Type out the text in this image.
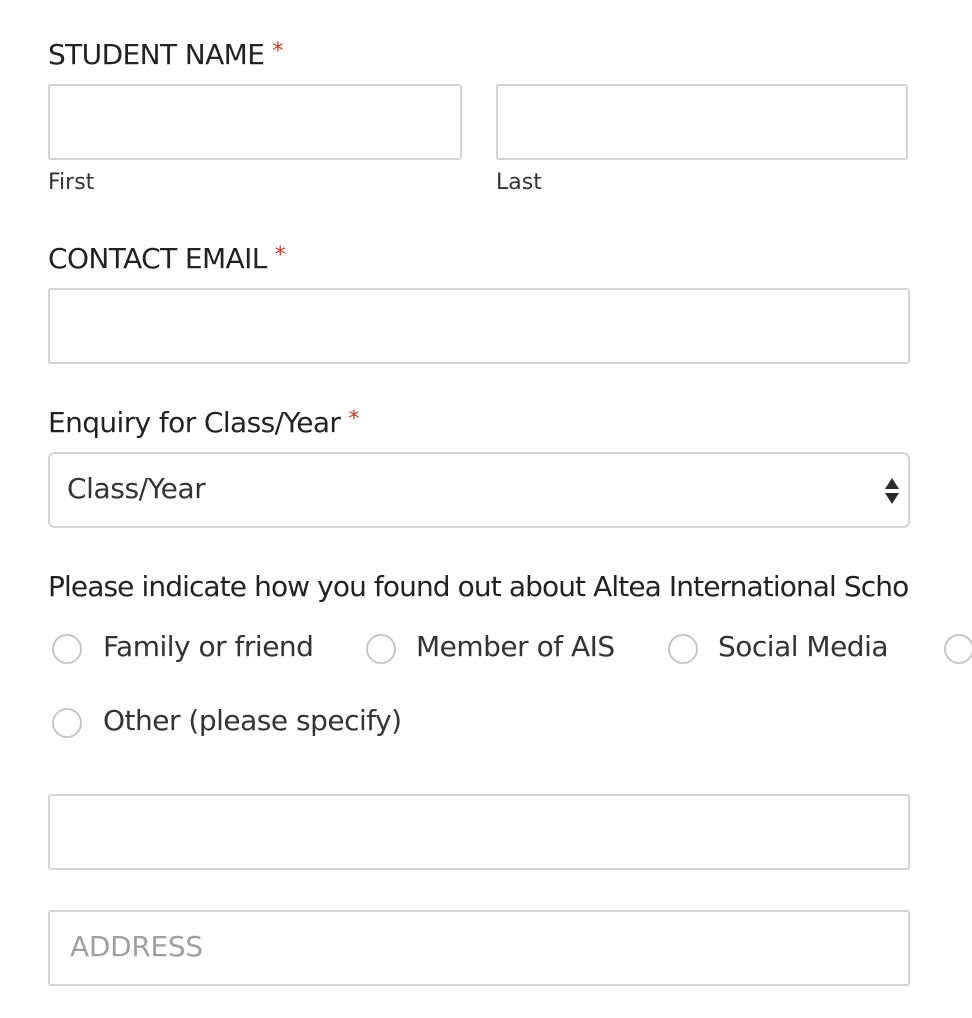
STUDENT NAME *
First	Last
CONTACT EMAIL *
Enquiry for Class/Year *
Class/Year
Please indicate how you found out about Altea International Scho
Family or friend	Member of AIS	Social Media
Other (please specify)
ADDRESS
